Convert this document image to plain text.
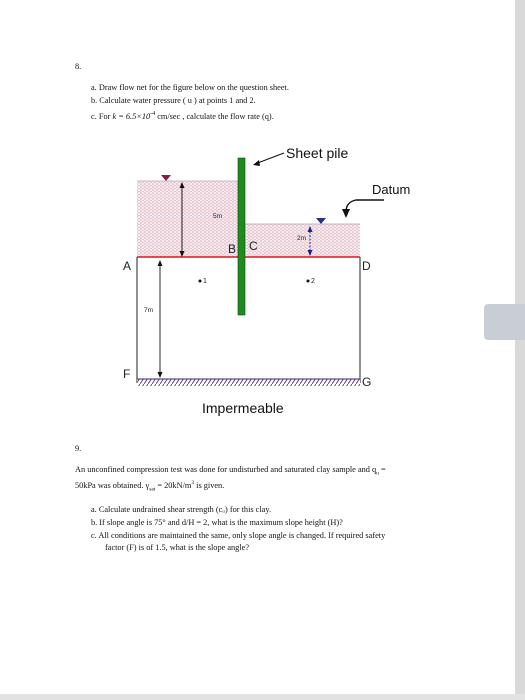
8.
a. Draw flow net for the figure below on the question sheet.
b. Calculate water pressure ( u ) at points 1 and 2.
c. For $k = 6.5\times 10^{-4}$ cm/sec , calculate the flow rate (q).
5m
2m
7m
A
B C
D
F
G
1	2
Sheet pile
Datum
Impermeable
9.
An unconfined compression test was done for undisturbed and saturated clay sample and $q_u$ =
50kPa was obtained. $\gamma_{sat} = 20kN/m^3$ is given.
a. Calculate undrained shear strength (cᵤ) for this clay.
b. If slope angle is 75° and d/H = 2, what is the maximum slope height (H)?
c. All conditions are maintained the same, only slope angle is changed. If required safety
factor (F) is of 1.5, what is the slope angle?
